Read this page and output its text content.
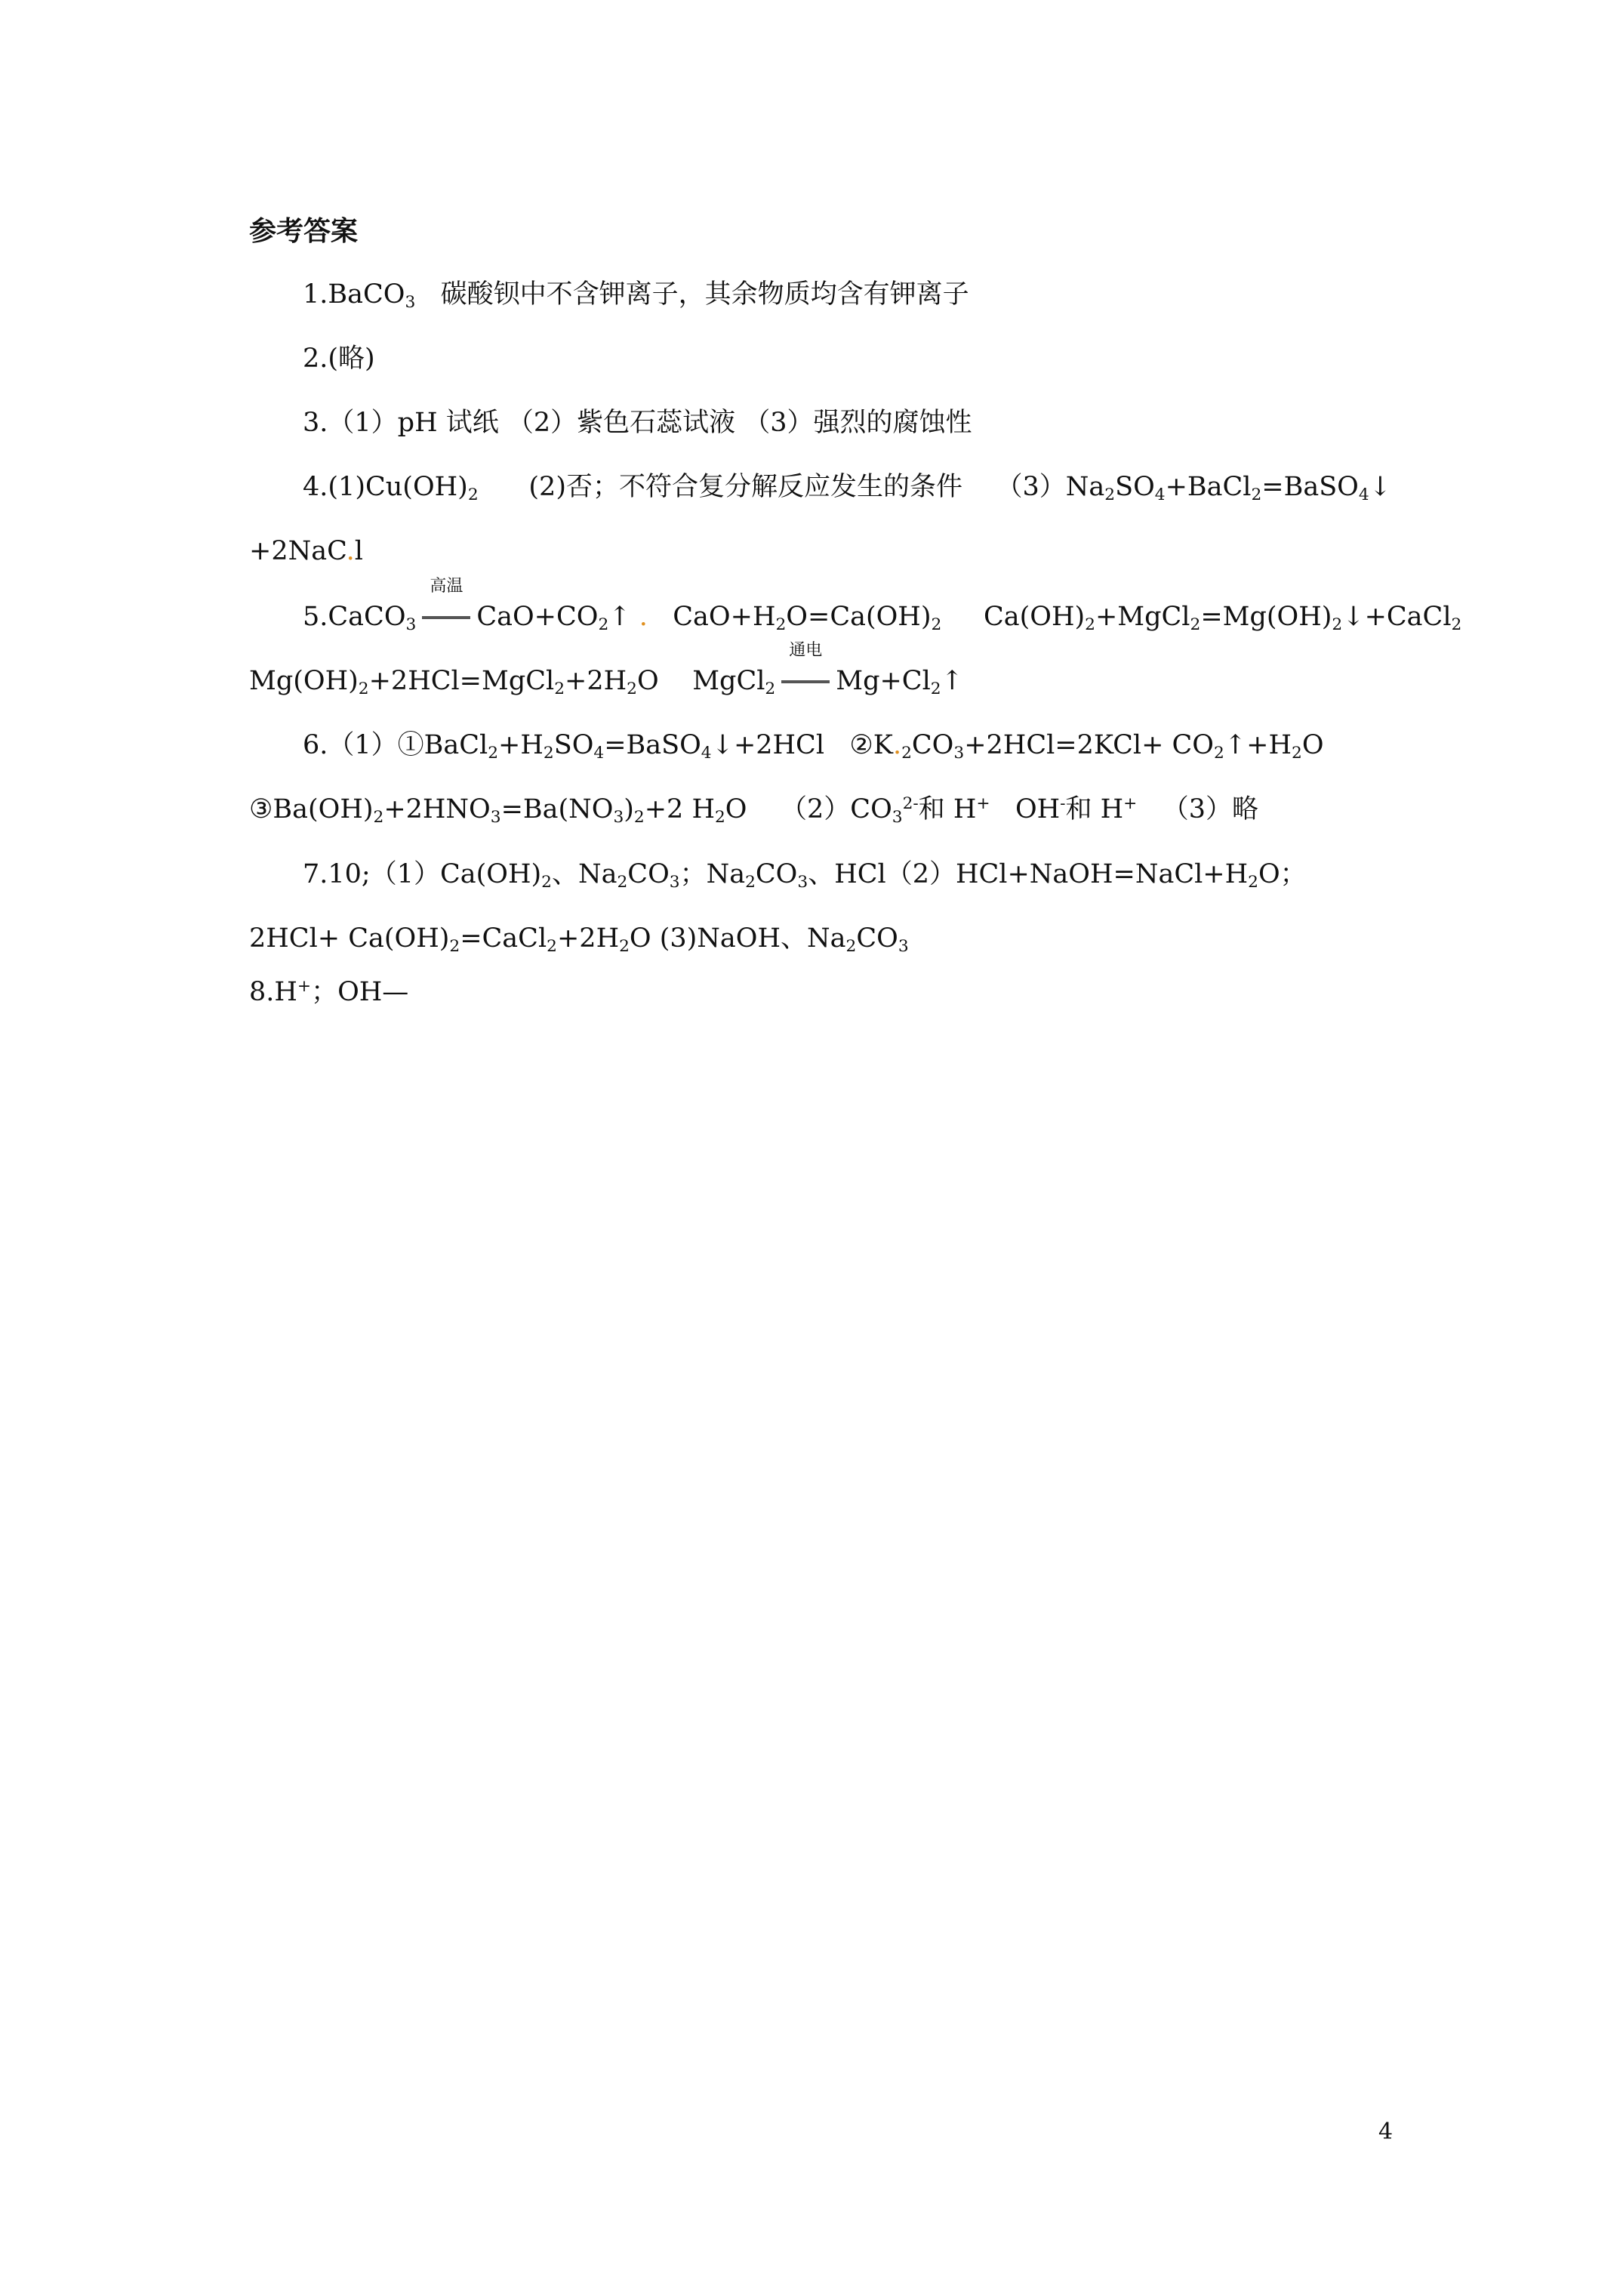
参考答案
1.BaCO$_3$ 碳酸钡中不含钾离子，其余物质均含有钾离子
2.(略)
3.（1）pH 试纸 （2）紫色石蕊试液 （3）强烈的腐蚀性
$4.(1)Cu(OH)_2$ (2)否；不符合复分解反应发生的条件 $(3)Na_2SO_4+BaCl_2=BaSO_4↓$
+2NaC.l
5.CaCO$_3$
高温
$CaO+CO_2↑$ . $CaO+H_2O=Ca(OH)_2$ $Ca(OH)_2+MgCl_2=Mg(OH)_2↓+CaCl_2$
$Mg(OH)_2+2HCl=MgCl_2+2H_2O$ MgCl$_2$
通电
$Mg+Cl_2↑$
$6.(1)①BaCl_2+H_2SO_4=BaSO_4↓+2HCl$ $②K._2CO_3+2HCl=2KCl+$ $CO_2↑+H_2O$
$③Ba(OH)_2+2HNO_3=Ba(NO_3)_2+2$ $H_2O$ $(2)CO_3^{2-}$和 H+ OH-和 H+ （3）略
$7.10;(1)Ca(OH)_2$、$Na_2CO_3$；$Na_2CO_3$、$HCl(2)HCl+NaOH=NaCl+H_2O$；
$2HCl+ Ca(OH)_2=CaCl_2+2H_2O$ (3)NaOH、$Na_2CO_3$
8.H+；OH—
4
